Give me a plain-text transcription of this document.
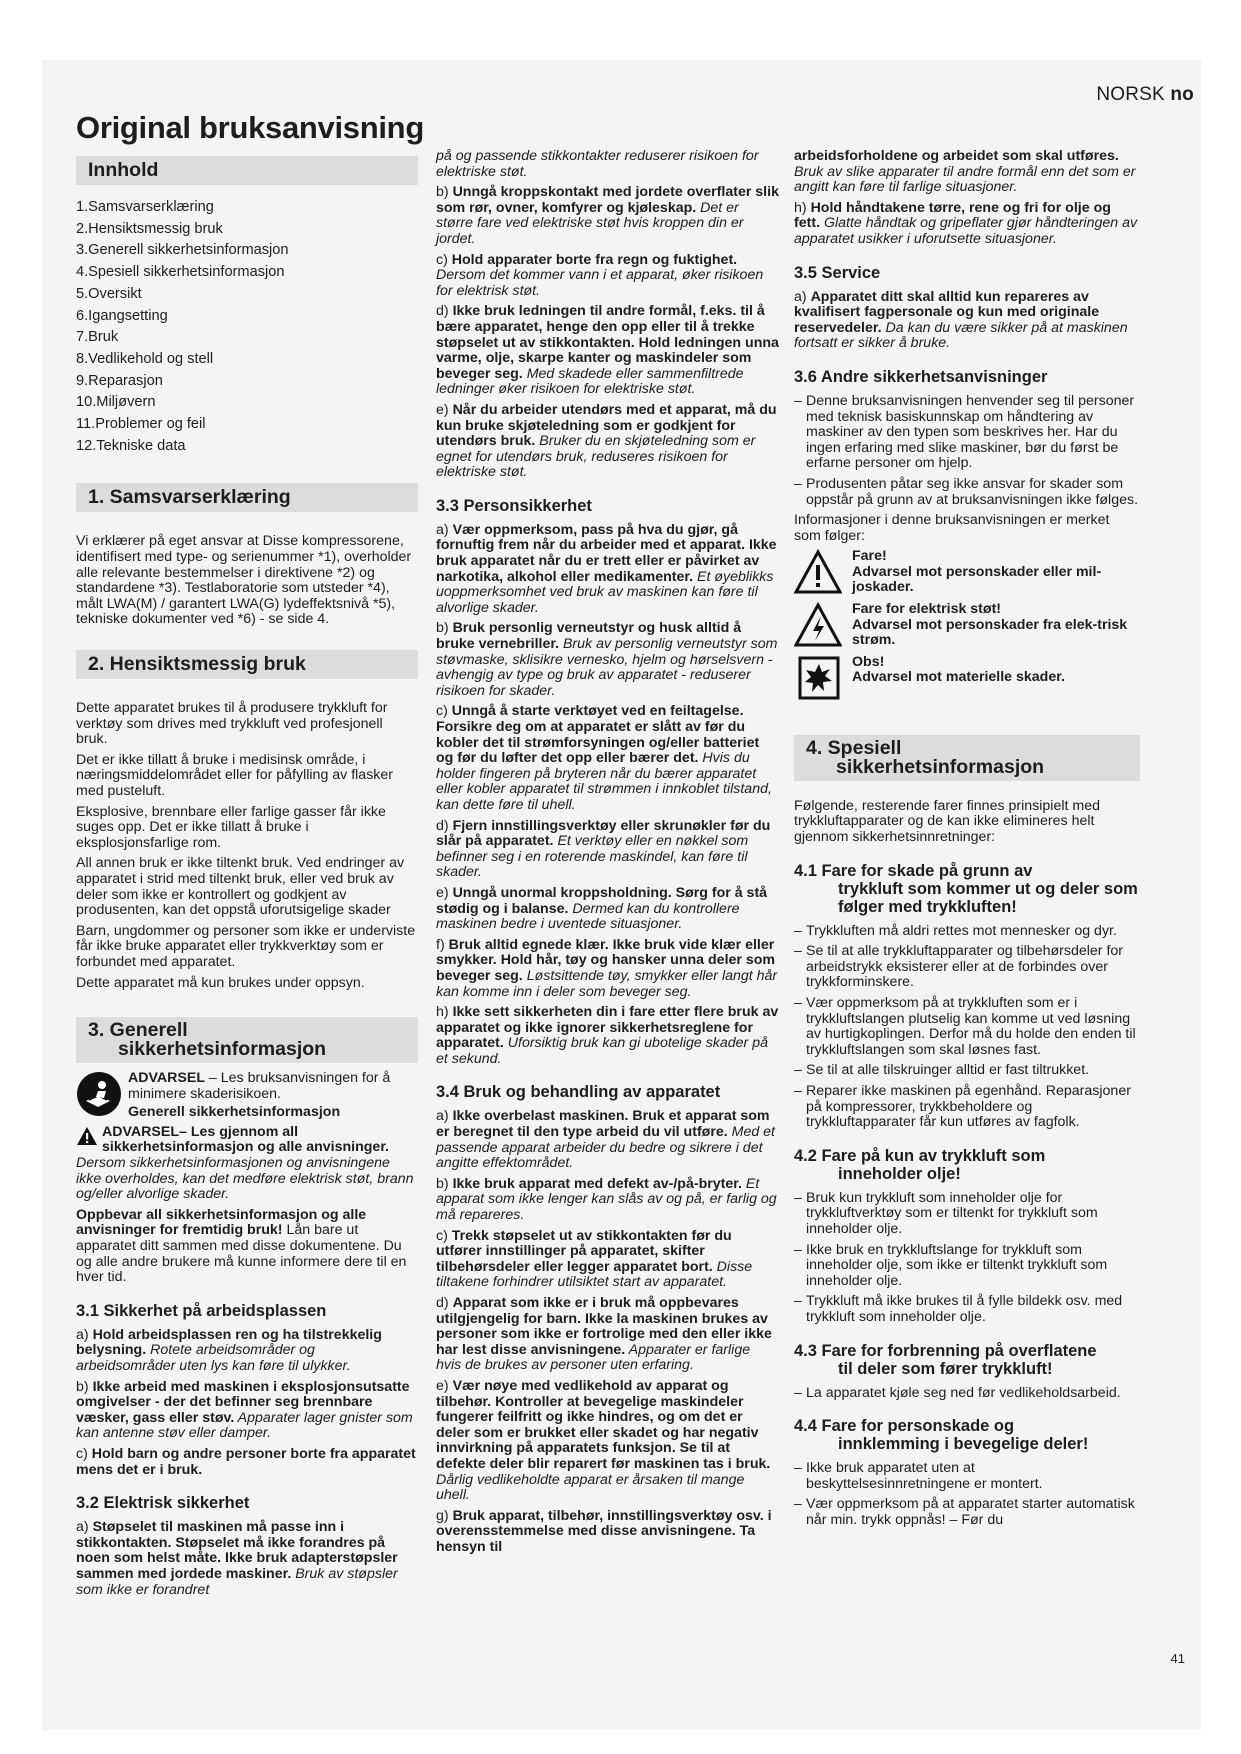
NORSK no
Original bruksanvisning
Innhold
1.Samsvarserklæring
2.Hensiktsmessig bruk
3.Generell sikkerhetsinformasjon
4.Spesiell sikkerhetsinformasjon
5.Oversikt
6.Igangsetting
7.Bruk
8.Vedlikehold og stell
9.Reparasjon
10.Miljøvern
11.Problemer og feil
12.Tekniske data
1. Samsvarserklæring

Vi erklærer på eget ansvar at Disse kompressorene, identifisert med type- og serienummer *1), overholder alle relevante bestemmelser i direktivene *2) og standardene *3). Testlaboratorie som utsteder *4), målt LWA(M) / garantert LWA(G) lydeffektsnivå *5), tekniske dokumenter ved *6) - se side 4.

2. Hensiktsmessig bruk

Dette apparatet brukes til å produsere trykkluft for verktøy som drives med trykkluft ved profesjonell bruk.

Det er ikke tillatt å bruke i medisinsk område, i næringsmiddelområdet eller for påfylling av flasker med pusteluft.

Eksplosive, brennbare eller farlige gasser får ikke suges opp. Det er ikke tillatt å bruke i eksplosjonsfarlige rom.

All annen bruk er ikke tiltenkt bruk. Ved endringer av apparatet i strid med tiltenkt bruk, eller ved bruk av deler som ikke er kontrollert og godkjent av produsenten, kan det oppstå uforutsigelige skader

Barn, ungdommer og personer som ikke er underviste får ikke bruke apparatet eller trykkverktøy som er forbundet med apparatet.

Dette apparatet må kun brukes under oppsyn.

3. Generell
sikkerhetsinformasjon
ADVARSEL – Les bruksanvisningen for å minimere skaderisikoen.
Generell sikkerhetsinformasjon

ADVARSEL– Les gjennom all sikkerhetsinformasjon og alle anvisninger. Dersom sikkerhetsinformasjonen og anvisningene ikke overholdes, kan det medføre elektrisk støt, brann og/eller alvorlige skader.

Oppbevar all sikkerhetsinformasjon og alle anvisninger for fremtidig bruk! Lån bare ut apparatet ditt sammen med disse dokumentene. Du og alle andre brukere må kunne informere dere til en hver tid.

3.1 Sikkerhet på arbeidsplassen

a) Hold arbeidsplassen ren og ha tilstrekkelig belysning. Rotete arbeidsområder og arbeidsområder uten lys kan føre til ulykker.

b) Ikke arbeid med maskinen i eksplosjonsutsatte omgivelser - der det befinner seg brennbare væsker, gass eller støv. Apparater lager gnister som kan antenne støv eller damper.

c) Hold barn og andre personer borte fra apparatet mens det er i bruk.

3.2 Elektrisk sikkerhet

a) Støpselet til maskinen må passe inn i stikkontakten. Støpselet må ikke forandres på noen som helst måte. Ikke bruk adapterstøpsler sammen med jordede maskiner. Bruk av støpsler som ikke er forandret

på og passende stikkontakter reduserer risikoen for elektriske støt.

b) Unngå kroppskontakt med jordete overflater slik som rør, ovner, komfyrer og kjøleskap. Det er større fare ved elektriske støt hvis kroppen din er jordet.

c) Hold apparater borte fra regn og fuktighet. Dersom det kommer vann i et apparat, øker risikoen for elektrisk støt.

d) Ikke bruk ledningen til andre formål, f.eks. til å bære apparatet, henge den opp eller til å trekke støpselet ut av stikkontakten. Hold ledningen unna varme, olje, skarpe kanter og maskindeler som beveger seg. Med skadede eller sammenfiltrede ledninger øker risikoen for elektriske støt.

e) Når du arbeider utendørs med et apparat, må du kun bruke skjøteledning som er godkjent for utendørs bruk. Bruker du en skjøteledning som er egnet for utendørs bruk, reduseres risikoen for elektriske støt.

3.3 Personsikkerhet

a) Vær oppmerksom, pass på hva du gjør, gå fornuftig frem når du arbeider med et apparat. Ikke bruk apparatet når du er trett eller er påvirket av narkotika, alkohol eller medikamenter. Et øyeblikks uoppmerksomhet ved bruk av maskinen kan føre til alvorlige skader.

b) Bruk personlig verneutstyr og husk alltid å bruke vernebriller. Bruk av personlig verneutstyr som støvmaske, sklisikre vernesko, hjelm og hørselsvern - avhengig av type og bruk av apparatet - reduserer risikoen for skader.

c) Unngå å starte verktøyet ved en feiltagelse. Forsikre deg om at apparatet er slått av før du kobler det til strømforsyningen og/eller batteriet og før du løfter det opp eller bærer det. Hvis du holder fingeren på bryteren når du bærer apparatet eller kobler apparatet til strømmen i innkoblet tilstand, kan dette føre til uhell.

d) Fjern innstillingsverktøy eller skrunøkler før du slår på apparatet. Et verktøy eller en nøkkel som befinner seg i en roterende maskindel, kan føre til skader.

e) Unngå unormal kroppsholdning. Sørg for å stå stødig og i balanse. Dermed kan du kontrollere maskinen bedre i uventede situasjoner.

f) Bruk alltid egnede klær. Ikke bruk vide klær eller smykker. Hold hår, tøy og hansker unna deler som beveger seg. Løstsittende tøy, smykker eller langt hår kan komme inn i deler som beveger seg.

h) Ikke sett sikkerheten din i fare etter flere bruk av apparatet og ikke ignorer sikkerhetsreglene for apparatet. Uforsiktig bruk kan gi ubotelige skader på et sekund.

3.4 Bruk og behandling av apparatet

a) Ikke overbelast maskinen. Bruk et apparat som er beregnet til den type arbeid du vil utføre. Med et passende apparat arbeider du bedre og sikrere i det angitte effektområdet.

b) Ikke bruk apparat med defekt av-/på-bryter. Et apparat som ikke lenger kan slås av og på, er farlig og må repareres.

c) Trekk støpselet ut av stikkontakten før du utfører innstillinger på apparatet, skifter tilbehørsdeler eller legger apparatet bort. Disse tiltakene forhindrer utilsiktet start av apparatet.

d) Apparat som ikke er i bruk må oppbevares utilgjengelig for barn. Ikke la maskinen brukes av personer som ikke er fortrolige med den eller ikke har lest disse anvisningene. Apparater er farlige hvis de brukes av personer uten erfaring.

e) Vær nøye med vedlikehold av apparat og tilbehør. Kontroller at bevegelige maskindeler fungerer feilfritt og ikke hindres, og om det er deler som er brukket eller skadet og har negativ innvirkning på apparatets funksjon. Se til at defekte deler blir reparert før maskinen tas i bruk. Dårlig vedlikeholdte apparat er årsaken til mange uhell.

g) Bruk apparat, tilbehør, innstillingsverktøy osv. i overensstemmelse med disse anvisningene. Ta hensyn til

arbeidsforholdene og arbeidet som skal utføres. Bruk av slike apparater til andre formål enn det som er angitt kan føre til farlige situasjoner.

h) Hold håndtakene tørre, rene og fri for olje og fett. Glatte håndtak og gripeflater gjør håndteringen av apparatet usikker i uforutsette situasjoner.

3.5 Service

a) Apparatet ditt skal alltid kun repareres av kvalifisert fagpersonale og kun med originale reservedeler. Da kan du være sikker på at maskinen fortsatt er sikker å bruke.

3.6 Andre sikkerhetsanvisninger
– Denne bruksanvisningen henvender seg til personer med teknisk basiskunnskap om håndtering av maskiner av den typen som beskrives her. Har du ingen erfaring med slike maskiner, bør du først be erfarne personer om hjelp.
– Produsenten påtar seg ikke ansvar for skader som oppstår på grunn av at bruksanvisningen ikke følges.

Informasjoner i denne bruksanvisningen er merket som følger:

Fare!
Advarsel mot personskader eller mil-joskader.
Fare for elektrisk støt!
Advarsel mot personskader fra elek-trisk strøm.
Obs!
Advarsel mot materielle skader.
4. Spesiell
sikkerhetsinformasjon

Følgende, resterende farer finnes prinsipielt med trykkluftapparater og de kan ikke elimineres helt gjennom sikkerhetsinnretninger:

4.1 Fare for skade på grunn av
trykkluft som kommer ut og deler som følger med trykkluften!
– Trykkluften må aldri rettes mot mennesker og dyr.
– Se til at alle trykkluftapparater og tilbehørsdeler for arbeidstrykk eksisterer eller at de forbindes over trykkforminskere.
– Vær oppmerksom på at trykkluften som er i trykkluftslangen plutselig kan komme ut ved løsning av hurtigkoplingen. Derfor må du holde den enden til trykkluftslangen som skal løsnes fast.
– Se til at alle tilskruinger alltid er fast tiltrukket.
– Reparer ikke maskinen på egenhånd. Reparasjoner på kompressorer, trykkbeholdere og trykkluftapparater får kun utføres av fagfolk.
4.2 Fare på kun av trykkluft som
inneholder olje!
– Bruk kun trykkluft som inneholder olje for trykkluftverktøy som er tiltenkt for trykkluft som inneholder olje.
– Ikke bruk en trykkluftslange for trykkluft som inneholder olje, som ikke er tiltenkt trykkluft som inneholder olje.
– Trykkluft må ikke brukes til å fylle bildekk osv. med trykkluft som inneholder olje.
4.3 Fare for forbrenning på overflatene
til deler som fører trykkluft!
– La apparatet kjøle seg ned før vedlikeholdsarbeid.
4.4 Fare for personskade og
innklemming i bevegelige deler!
– Ikke bruk apparatet uten at beskyttelsesinnretningene er montert.
– Vær oppmerksom på at apparatet starter automatisk når min. trykk oppnås! – Før du
41
